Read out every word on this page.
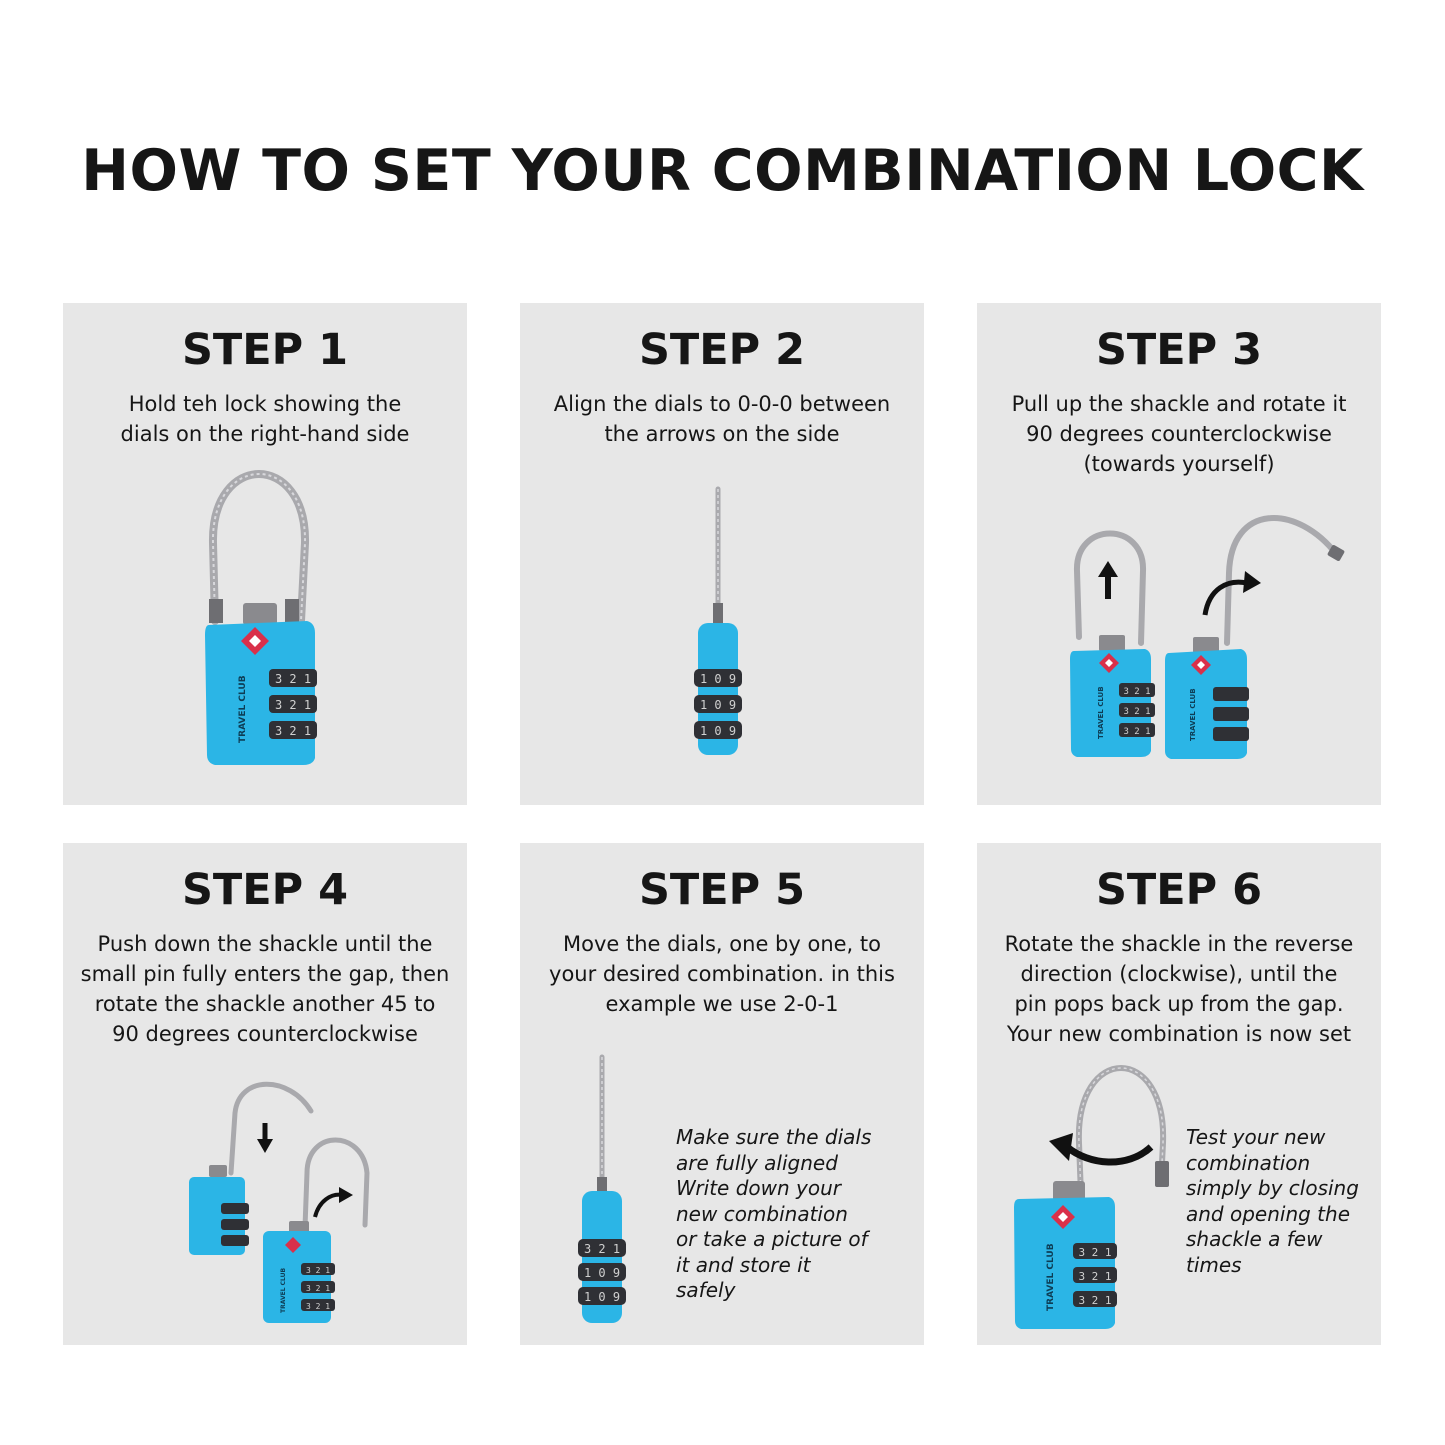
HOW TO SET YOUR COMBINATION LOCK
STEP 1

Hold teh lock showing the
dials on the right-hand side

TRAVEL CLUB 3 2 1
3 2 1
3 2 1
STEP 2

Align the dials to 0-0-0 between
the arrows on the side

1 0 9
1 0 9
1 0 9
STEP 3

Pull up the shackle and rotate it
90 degrees counterclockwise
(towards yourself)

TRAVEL CLUB 3 2 1
3 2 1
3 2 1	TRAVEL CLUB
STEP 4

Push down the shackle until the
small pin fully enters the gap, then
rotate the shackle another 45 to
90 degrees counterclockwise

TRAVEL CLUB 3 2 1
3 2 1
3 2 1
STEP 5

Move the dials, one by one, to
your desired combination. in this
example we use 2-0-1

3 2 1
1 0 9
1 0 9

Make sure the dials
are fully aligned
Write down your
new combination
or take a picture of
it and store it
safely

STEP 6

Rotate the shackle in the reverse
direction (clockwise), until the
pin pops back up from the gap.
Your new combination is now set

TRAVEL CLUB 3 2 1
3 2 1
3 2 1

Test your new
combination
simply by closing
and opening the
shackle a few
times
